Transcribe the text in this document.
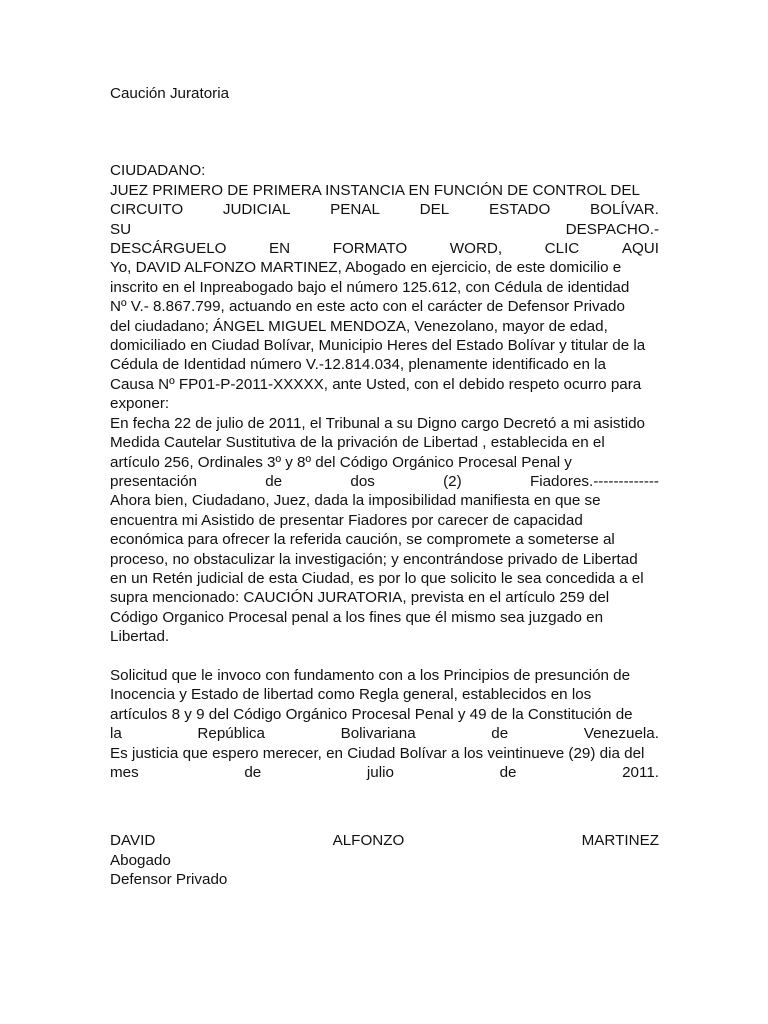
Caución Juratoria
CIUDADANO:
JUEZ PRIMERO DE PRIMERA INSTANCIA EN FUNCIÓN DE CONTROL DEL
CIRCUITO	JUDICIAL	PENAL	DEL	ESTADO	BOLÍVAR.
SU	DESPACHO.-
DESCÁRGUELO	EN	FORMATO	WORD,	CLIC	AQUI
Yo, DAVID ALFONZO MARTINEZ, Abogado en ejercicio, de este domicilio e
inscrito en el Inpreabogado bajo el número 125.612, con Cédula de identidad
Nº V.- 8.867.799, actuando en este acto con el carácter de Defensor Privado
del ciudadano; ÁNGEL MIGUEL MENDOZA, Venezolano, mayor de edad,
domiciliado en Ciudad Bolívar, Municipio Heres del Estado Bolívar y titular de la
Cédula de Identidad número V.-12.814.034, plenamente identificado en la
Causa Nº FP01-P-2011-XXXXX, ante Usted, con el debido respeto ocurro para
exponer:
En fecha 22 de julio de 2011, el Tribunal a su Digno cargo Decretó a mi asistido
Medida Cautelar Sustitutiva de la privación de Libertad , establecida en el
artículo 256, Ordinales 3º y 8º del Código Orgánico Procesal Penal y
presentación	de	dos	(2)	Fiadores.-------------
Ahora bien, Ciudadano, Juez, dada la imposibilidad manifiesta en que se
encuentra mi Asistido de presentar Fiadores por carecer de capacidad
económica para ofrecer la referida caución, se compromete a someterse al
proceso, no obstaculizar la investigación; y encontrándose privado de Libertad
en un Retén judicial de esta Ciudad, es por lo que solicito le sea concedida a el
supra mencionado: CAUCIÓN JURATORIA, prevista en el artículo 259 del
Código Organico Procesal penal a los fines que él mismo sea juzgado en
Libertad.
Solicitud que le invoco con fundamento con a los Principios de presunción de
Inocencia y Estado de libertad como Regla general, establecidos en los
artículos 8 y 9 del Código Orgánico Procesal Penal y 49 de la Constitución de
la	República	Bolivariana	de	Venezuela.
Es justicia que espero merecer, en Ciudad Bolívar a los veintinueve (29) dia del
mes	de	julio	de	2011.
DAVID	ALFONZO	MARTINEZ
Abogado
Defensor Privado
